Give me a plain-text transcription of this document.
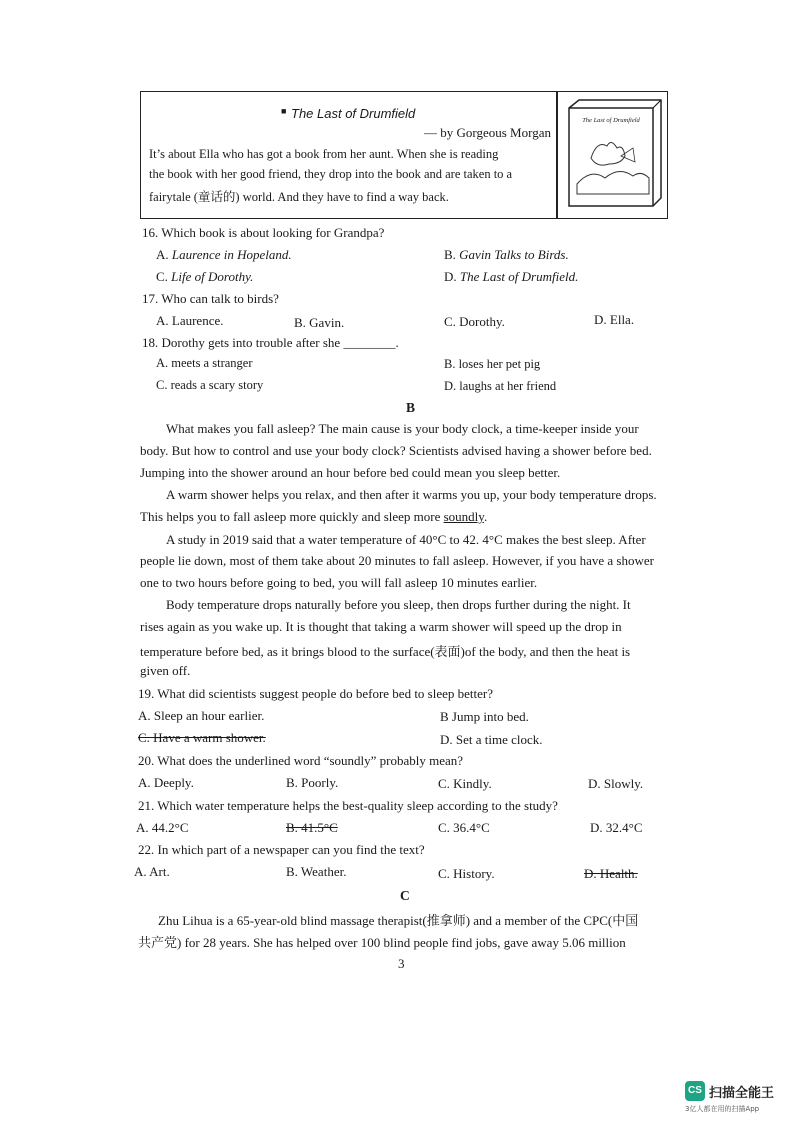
■ The Last of Drumfield
— by Gorgeous Morgan
It’s about Ella who has got a book from her aunt. When she is reading
the book with her good friend, they drop into the book and are taken to a
fairytale (童话的) world. And they have to find a way back.
The Last of Drumfield
16. Which book is about looking for Grandpa?
A. Laurence in Hopeland.	B. Gavin Talks to Birds.
C. Life of Dorothy.	D. The Last of Drumfield.
17. Who can talk to birds?
A. Laurence.	B. Gavin.	C. Dorothy.	D. Ella.
18. Dorothy gets into trouble after she ________.
A. meets a stranger	B. loses her pet pig
C. reads a scary story	D. laughs at her friend
B
What makes you fall asleep? The main cause is your body clock, a time-keeper inside your
body. But how to control and use your body clock? Scientists advised having a shower before bed.
Jumping into the shower around an hour before bed could mean you sleep better.
A warm shower helps you relax, and then after it warms you up, your body temperature drops.
This helps you to fall asleep more quickly and sleep more soundly.
A study in 2019 said that a water temperature of 40°C to 42. 4°C makes the best sleep. After
people lie down, most of them take about 20 minutes to fall asleep. However, if you have a shower
one to two hours before going to bed, you will fall asleep 10 minutes earlier.
Body temperature drops naturally before you sleep, then drops further during the night. It
rises again as you wake up. It is thought that taking a warm shower will speed up the drop in
temperature before bed, as it brings blood to the surface(表面)of the body, and then the heat is
given off.
19. What did scientists suggest people do before bed to sleep better?
A. Sleep an hour earlier.	B Jump into bed.
C. Have a warm shower.	D. Set a time clock.
20. What does the underlined word “soundly” probably mean?
A. Deeply.	B. Poorly.	C. Kindly.	D. Slowly.
21. Which water temperature helps the best-quality sleep according to the study?
A. 44.2°C	B. 41.5°C	C. 36.4°C	D. 32.4°C
22. In which part of a newspaper can you find the text?
A. Art.	B. Weather.	C. History.	D. Health.
C
Zhu Lihua is a 65-year-old blind massage therapist(推拿师) and a member of the CPC(中国
共产党) for 28 years. She has helped over 100 blind people find jobs, gave away 5.06 million
3
CS 扫描全能王
3亿人都在用的扫描App
